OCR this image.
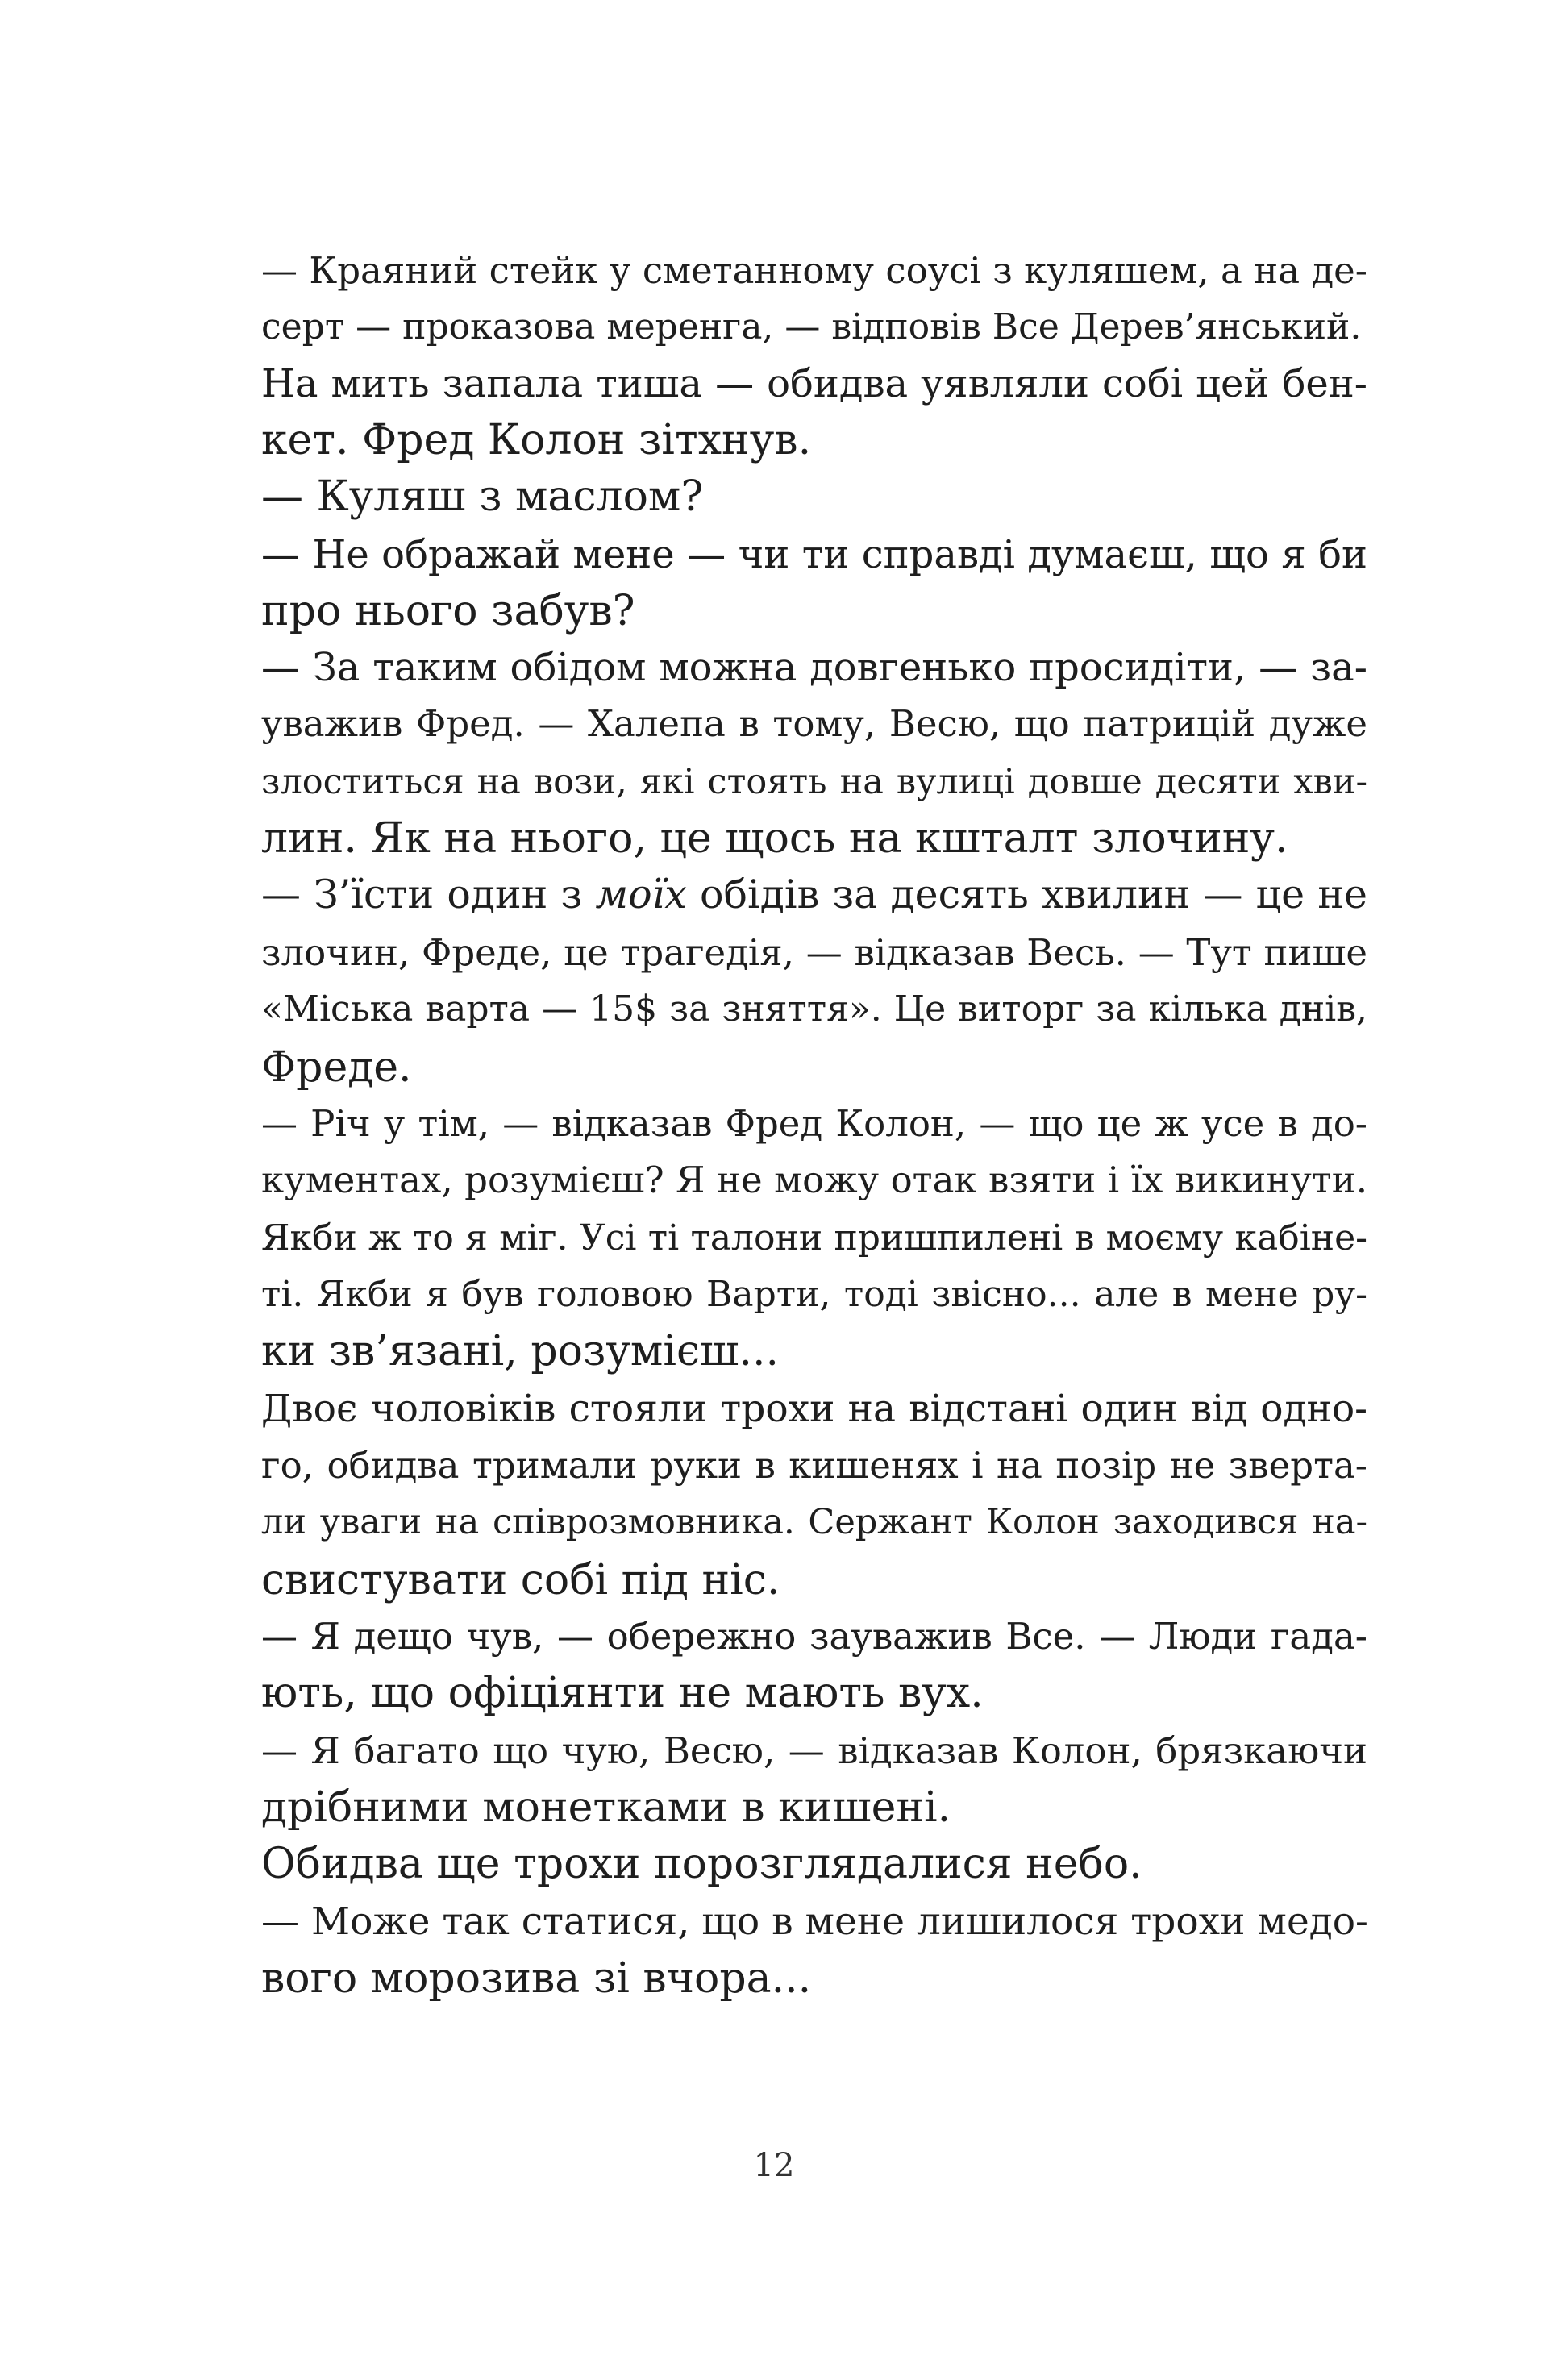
— Краяний стейк у сметанному соусі з куляшем, а на де-
серт — проказова меренга, — відповів Все Дерев’янський.
На мить запала тиша — обидва уявляли собі цей бен-
кет. Фред Колон зітхнув.
— Куляш з маслом?
— Не ображай мене — чи ти справді думаєш, що я би
про нього забув?
— За таким обідом можна довгенько просидіти, — за-
уважив Фред. — Халепа в тому, Весю, що патрицій дуже
злоститься на вози, які стоять на вулиці довше десяти хви-
лин. Як на нього, це щось на кшталт злочину.
— З’їсти один з моїх обідів за десять хвилин — це не
злочин, Фреде, це трагедія, — відказав Весь. — Тут пише
«Міська варта — 15$ за зняття». Це виторг за кілька днів,
Фреде.
— Річ у тім, — відказав Фред Колон, — що це ж усе в до-
кументах, розумієш? Я не можу отак взяти і їх викинути.
Якби ж то я міг. Усі ті талони пришпилені в моєму кабіне-
ті. Якби я був головою Варти, тоді звісно... але в мене ру-
ки зв’язані, розумієш...
Двоє чоловіків стояли трохи на відстані один від одно-
го, обидва тримали руки в кишенях і на позір не зверта-
ли уваги на співрозмовника. Сержант Колон заходився на-
свистувати собі під ніс.
— Я дещо чув, — обережно зауважив Все. — Люди гада-
ють, що офіціянти не мають вух.
— Я багато що чую, Весю, — відказав Колон, брязкаючи
дрібними монетками в кишені.
Обидва ще трохи порозглядалися небо.
— Може так статися, що в мене лишилося трохи медо-
вого морозива зі вчора...
12
